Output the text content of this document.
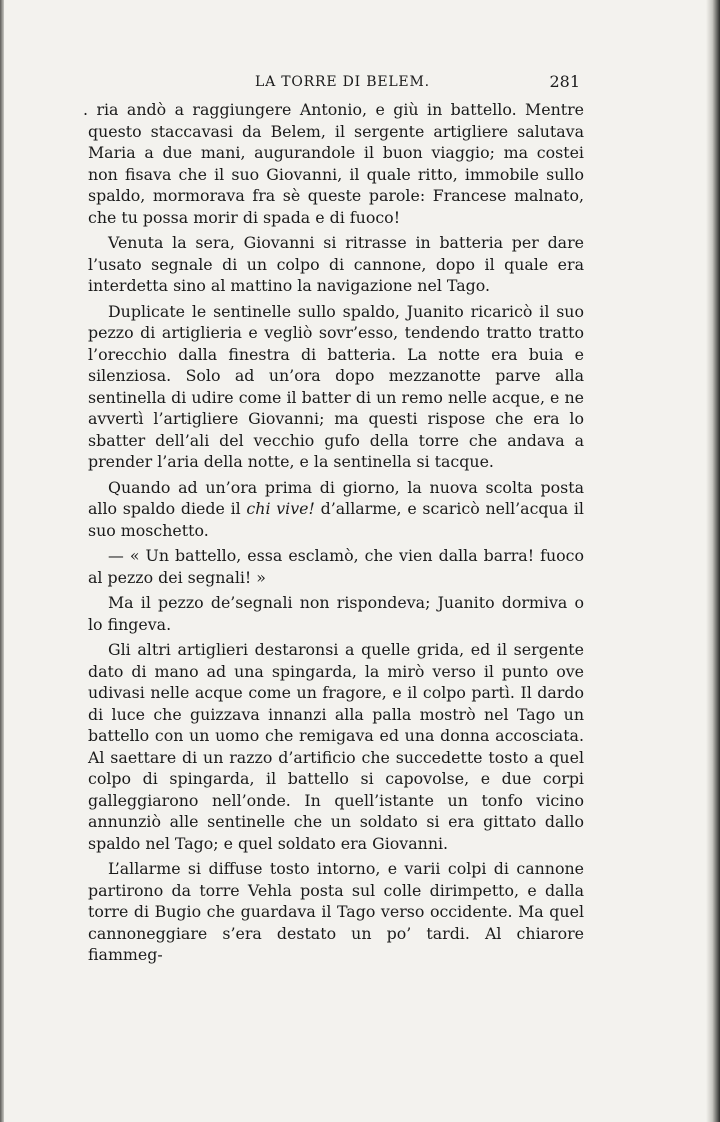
LA TORRE DI BELEM.	281

. ria andò a raggiungere Antonio, e giù in battello. Mentre questo staccavasi da Belem, il sergente artigliere salutava Maria a due mani, augurandole il buon viaggio; ma costei non fisava che il suo Giovanni, il quale ritto, immobile sullo spaldo, mormorava fra sè queste parole: Francese malnato, che tu possa morir di spada e di fuoco!

Venuta la sera, Giovanni si ritrasse in batteria per dare l’usato segnale di un colpo di cannone, dopo il quale era interdetta sino al mattino la navigazione nel Tago.

Duplicate le sentinelle sullo spaldo, Juanito ricaricò il suo pezzo di artiglieria e vegliò sovr’esso, tendendo tratto tratto l’orecchio dalla finestra di batteria. La notte era buia e silenziosa. Solo ad un’ora dopo mezzanotte parve alla sentinella di udire come il batter di un remo nelle acque, e ne avvertì l’artigliere Giovanni; ma questi rispose che era lo sbatter dell’ali del vecchio gufo della torre che andava a prender l’aria della notte, e la sentinella si tacque.

Quando ad un’ora prima di giorno, la nuova scolta posta allo spaldo diede il chi vive! d’allarme, e scaricò nell’acqua il suo moschetto.

— « Un battello, essa esclamò, che vien dalla barra! fuoco al pezzo dei segnali! »

Ma il pezzo de’segnali non rispondeva; Juanito dormiva o lo fingeva.

Gli altri artiglieri destaronsi a quelle grida, ed il sergente dato di mano ad una spingarda, la mirò verso il punto ove udivasi nelle acque come un fragore, e il colpo partì. Il dardo di luce che guizzava innanzi alla palla mostrò nel Tago un battello con un uomo che remigava ed una donna accosciata. Al saettare di un razzo d’artificio che succedette tosto a quel colpo di spingarda, il battello si capovolse, e due corpi galleggiarono nell’onde. In quell’istante un tonfo vicino annunziò alle sentinelle che un soldato si era gittato dallo spaldo nel Tago; e quel soldato era Giovanni.

L’allarme si diffuse tosto intorno, e varii colpi di cannone partirono da torre Vehla posta sul colle dirimpetto, e dalla torre di Bugio che guardava il Tago verso occidente. Ma quel cannoneggiare s’era destato un po’ tardi. Al chiarore fiammeg-
